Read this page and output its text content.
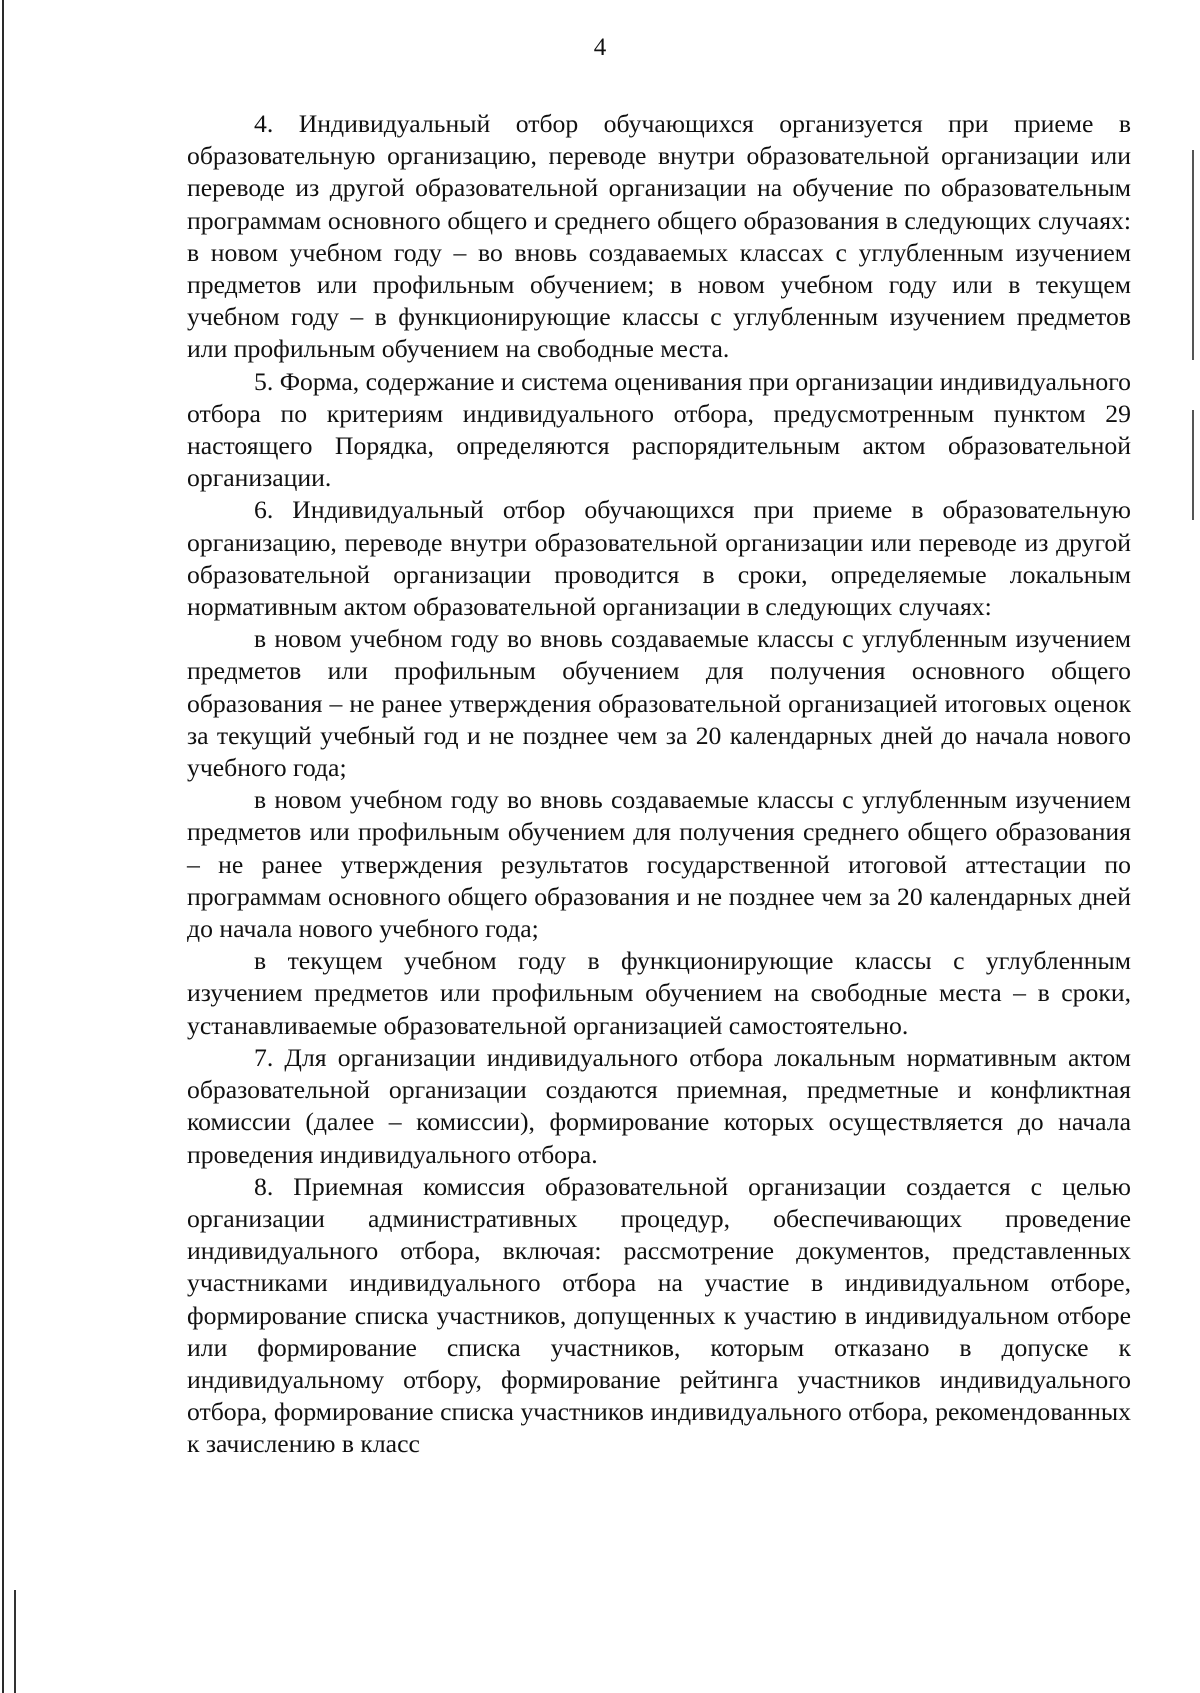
4

4. Индивидуальный отбор обучающихся организуется при приеме в образовательную организацию, переводе внутри образовательной организации или переводе из другой образовательной организации на обучение по образовательным программам основного общего и среднего общего образования в следующих случаях: в новом учебном году – во вновь создаваемых классах с углубленным изучением предметов или профильным обучением; в новом учебном году или в текущем учебном году – в функционирующие классы с углубленным изучением предметов или профильным обучением на свободные места.

5. Форма, содержание и система оценивания при организации индивидуального отбора по критериям индивидуального отбора, предусмотренным пунктом 29 настоящего Порядка, определяются распорядительным актом образовательной организации.

6. Индивидуальный отбор обучающихся при приеме в образовательную организацию, переводе внутри образовательной организации или переводе из другой образовательной организации проводится в сроки, определяемые локальным нормативным актом образовательной организации в следующих случаях:

в новом учебном году во вновь создаваемые классы с углубленным изучением предметов или профильным обучением для получения основного общего образования – не ранее утверждения образовательной организацией итоговых оценок за текущий учебный год и не позднее чем за 20 календарных дней до начала нового учебного года;

в новом учебном году во вновь создаваемые классы с углубленным изучением предметов или профильным обучением для получения среднего общего образования – не ранее утверждения результатов государственной итоговой аттестации по программам основного общего образования и не позднее чем за 20 календарных дней до начала нового учебного года;

в текущем учебном году в функционирующие классы с углубленным изучением предметов или профильным обучением на свободные места – в сроки, устанавливаемые образовательной организацией самостоятельно.

7. Для организации индивидуального отбора локальным нормативным актом образовательной организации создаются приемная, предметные и конфликтная комиссии (далее – комиссии), формирование которых осуществляется до начала проведения индивидуального отбора.

8. Приемная комиссия образовательной организации создается с целью организации административных процедур, обеспечивающих проведение индивидуального отбора, включая: рассмотрение документов, представленных участниками индивидуального отбора на участие в индивидуальном отборе, формирование списка участников, допущенных к участию в индивидуальном отборе или формирование списка участников, которым отказано в допуске к индивидуальному отбору, формирование рейтинга участников индивидуального отбора, формирование списка участников индивидуального отбора, рекомендованных к зачислению в класс
